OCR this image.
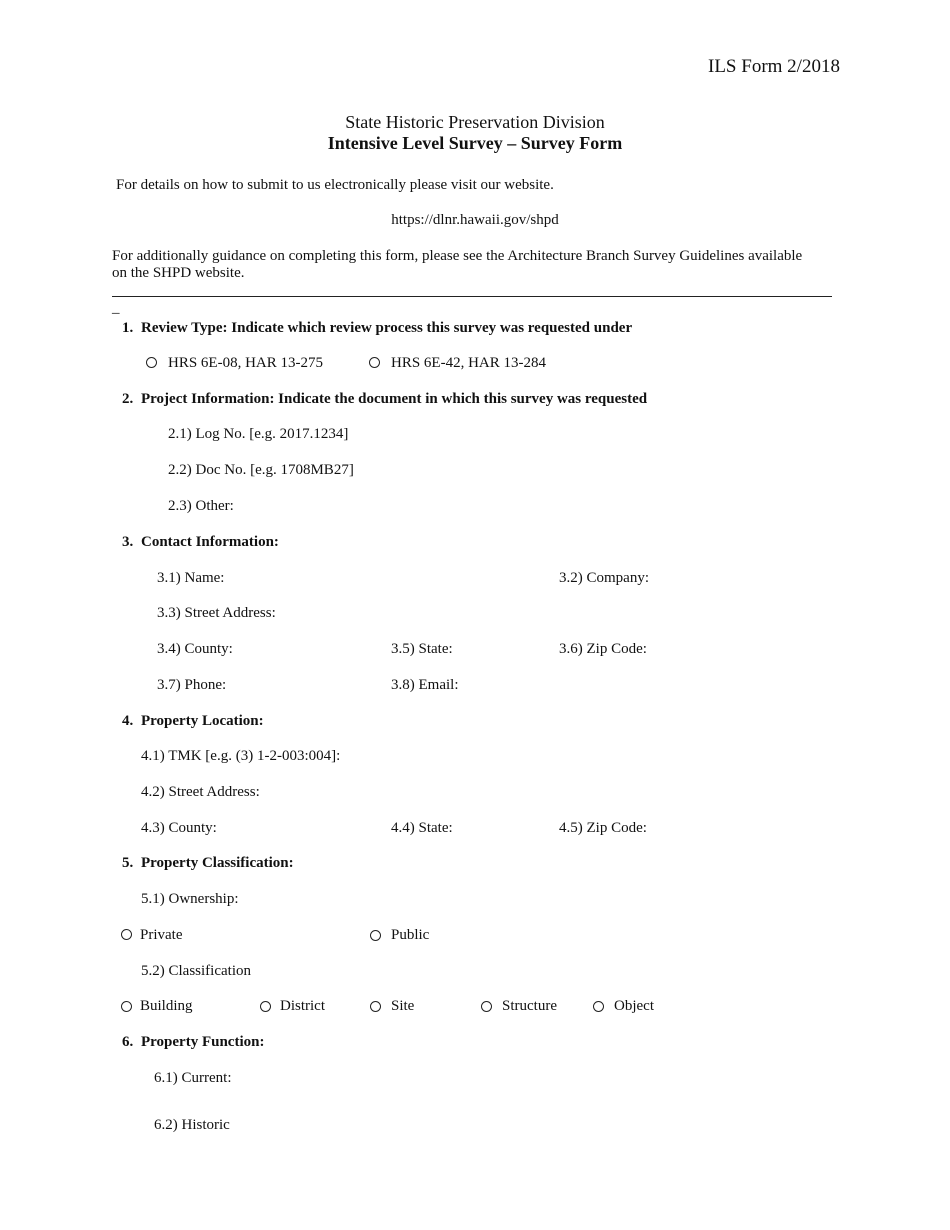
ILS Form 2/2018
State Historic Preservation Division
Intensive Level Survey – Survey Form
For details on how to submit to us electronically please visit our website.
https://dlnr.hawaii.gov/shpd
For additionally guidance on completing this form, please see the Architecture Branch Survey Guidelines available
on the SHPD website.
_
1. Review Type: Indicate which review process this survey was requested under
HRS 6E-08, HAR 13-275	HRS 6E-42, HAR 13-284
2. Project Information: Indicate the document in which this survey was requested
2.1) Log No. [e.g. 2017.1234]
2.2) Doc No. [e.g. 1708MB27]
2.3) Other:
3. Contact Information:
3.1) Name:	3.2) Company:
3.3) Street Address:
3.4) County:	3.5) State:	3.6) Zip Code:
3.7) Phone:	3.8) Email:
4. Property Location:
4.1) TMK [e.g. (3) 1-2-003:004]:
4.2) Street Address:
4.3) County:	4.4) State:	4.5) Zip Code:
5. Property Classification:
5.1) Ownership:
Private	Public
5.2) Classification
Building	District	Site	Structure	Object
6. Property Function:
6.1) Current:
6.2) Historic
